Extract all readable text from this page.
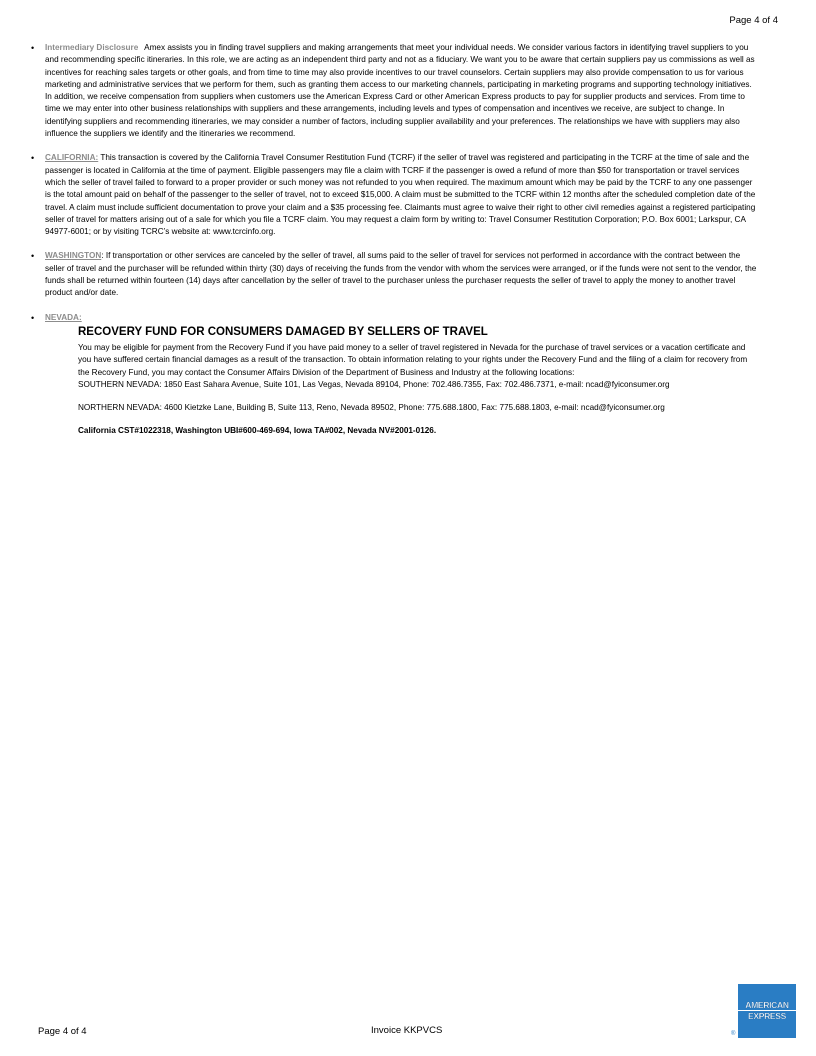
Page 4 of 4
• Intermediary Disclosure Amex assists you in finding travel suppliers and making arrangements that meet your individual needs. We consider various factors in identifying travel suppliers to you and recommending specific itineraries. In this role, we are acting as an independent third party and not as a fiduciary. We want you to be aware that certain suppliers pay us commissions as well as incentives for reaching sales targets or other goals, and from time to time may also provide incentives to our travel counselors. Certain suppliers may also provide compensation to us for various marketing and administrative services that we perform for them, such as granting them access to our marketing channels, participating in marketing programs and supporting technology initiatives. In addition, we receive compensation from suppliers when customers use the American Express Card or other American Express products to pay for supplier products and services. From time to time we may enter into other business relationships with suppliers and these arrangements, including levels and types of compensation and incentives we receive, are subject to change. In identifying suppliers and recommending itineraries, we may consider a number of factors, including supplier availability and your preferences. The relationships we have with suppliers may also influence the suppliers we identify and the itineraries we recommend.
• CALIFORNIA: This transaction is covered by the California Travel Consumer Restitution Fund (TCRF) if the seller of travel was registered and participating in the TCRF at the time of sale and the passenger is located in California at the time of payment. Eligible passengers may file a claim with TCRF if the passenger is owed a refund of more than $50 for transportation or travel services which the seller of travel failed to forward to a proper provider or such money was not refunded to you when required. The maximum amount which may be paid by the TCRF to any one passenger is the total amount paid on behalf of the passenger to the seller of travel, not to exceed $15,000. A claim must be submitted to the TCRF within 12 months after the scheduled completion date of the travel. A claim must include sufficient documentation to prove your claim and a $35 processing fee. Claimants must agree to waive their right to other civil remedies against a registered participating seller of travel for matters arising out of a sale for which you file a TCRF claim. You may request a claim form by writing to: Travel Consumer Restitution Corporation; P.O. Box 6001; Larkspur, CA 94977-6001; or by visiting TCRC’s website at: www.tcrcinfo.org.
• WASHINGTON: If transportation or other services are canceled by the seller of travel, all sums paid to the seller of travel for services not performed in accordance with the contract between the seller of travel and the purchaser will be refunded within thirty (30) days of receiving the funds from the vendor with whom the services were arranged, or if the funds were not sent to the vendor, the funds shall be returned within fourteen (14) days after cancellation by the seller of travel to the purchaser unless the purchaser requests the seller of travel to apply the money to another travel product and/or date.
• NEVADA:
RECOVERY FUND FOR CONSUMERS DAMAGED BY SELLERS OF TRAVEL
You may be eligible for payment from the Recovery Fund if you have paid money to a seller of travel registered in Nevada for the purchase of travel services or a vacation certificate and you have suffered certain financial damages as a result of the transaction. To obtain information relating to your rights under the Recovery Fund and the filing of a claim for recovery from the Recovery Fund, you may contact the Consumer Affairs Division of the Department of Business and Industry at the following locations:
SOUTHERN NEVADA: 1850 East Sahara Avenue, Suite 101, Las Vegas, Nevada 89104, Phone: 702.486.7355, Fax: 702.486.7371, e-mail: ncad@fyiconsumer.org
NORTHERN NEVADA: 4600 Kietzke Lane, Building B, Suite 113, Reno, Nevada 89502, Phone: 775.688.1800, Fax: 775.688.1803, e-mail: ncad@fyiconsumer.org
California CST#1022318, Washington UBI#600-469-694, Iowa TA#002, Nevada NV#2001-0126.
Page 4 of 4	Invoice KKPVCS
AMERICAN
EXPRESS
®
